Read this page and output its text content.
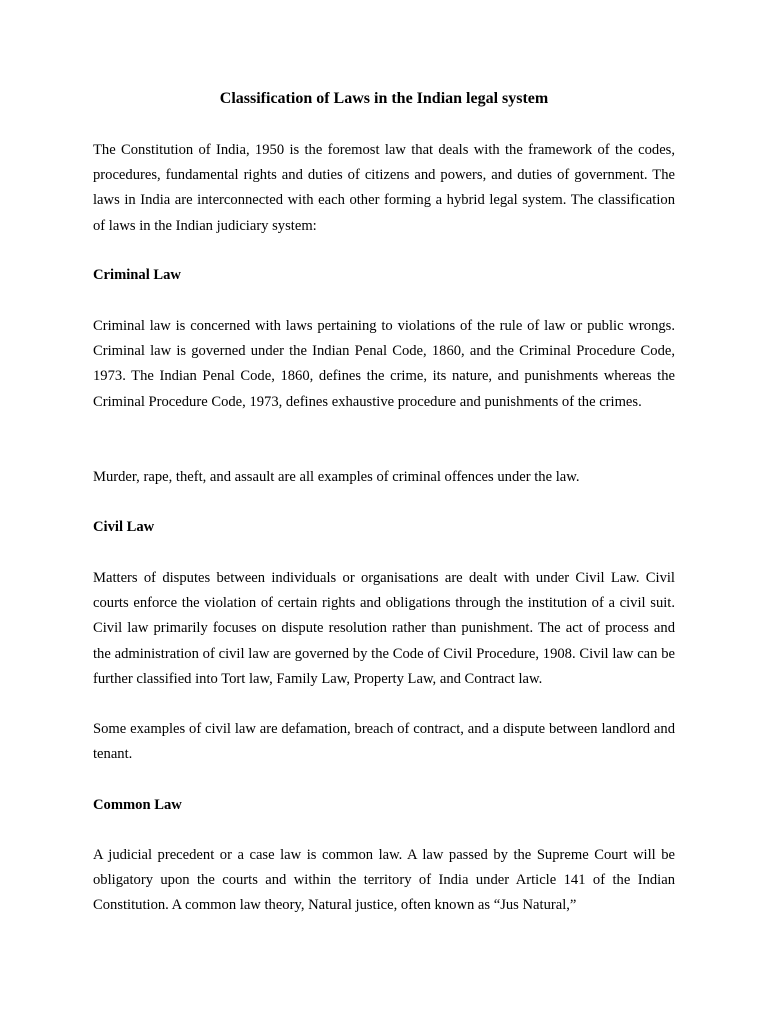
Classification of Laws in the Indian legal system

The Constitution of India, 1950 is the foremost law that deals with the framework of the codes, procedures, fundamental rights and duties of citizens and powers, and duties of government. The laws in India are interconnected with each other forming a hybrid legal system. The classification of laws in the Indian judiciary system:

Criminal Law

Criminal law is concerned with laws pertaining to violations of the rule of law or public wrongs. Criminal law is governed under the Indian Penal Code, 1860, and the Criminal Procedure Code, 1973. The Indian Penal Code, 1860, defines the crime, its nature, and punishments whereas the Criminal Procedure Code, 1973, defines exhaustive procedure and punishments of the crimes.

Murder, rape, theft, and assault are all examples of criminal offences under the law.

Civil Law

Matters of disputes between individuals or organisations are dealt with under Civil Law. Civil courts enforce the violation of certain rights and obligations through the institution of a civil suit. Civil law primarily focuses on dispute resolution rather than punishment. The act of process and the administration of civil law are governed by the Code of Civil Procedure, 1908. Civil law can be further classified into Tort law, Family Law, Property Law, and Contract law.

Some examples of civil law are defamation, breach of contract, and a dispute between landlord and tenant.

Common Law

A judicial precedent or a case law is common law. A law passed by the Supreme Court will be obligatory upon the courts and within the territory of India under Article 141 of the Indian Constitution. A common law theory, Natural justice, often known as “Jus Natural,”
